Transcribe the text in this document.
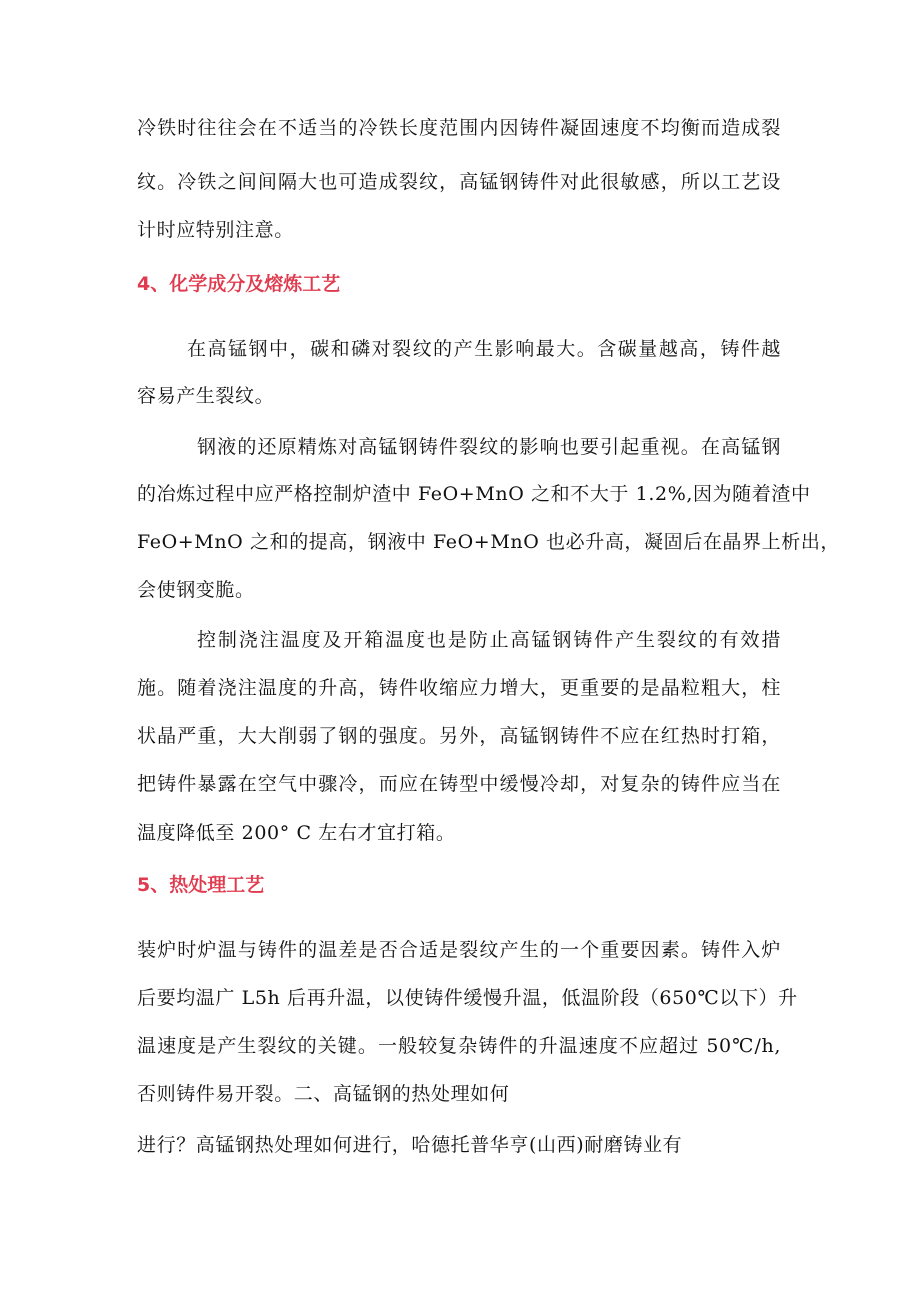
冷铁时往往会在不适当的冷铁长度范围内因铸件凝固速度不均衡而造成裂
纹。冷铁之间间隔大也可造成裂纹，高锰钢铸件对此很敏感，所以工艺设
计时应特别注意。
4、化学成分及熔炼工艺
在高锰钢中，碳和磷对裂纹的产生影响最大。含碳量越高，铸件越
容易产生裂纹。
钢液的还原精炼对高锰钢铸件裂纹的影响也要引起重视。在高锰钢
的冶炼过程中应严格控制炉渣中 FeO+MnO 之和不大于 1.2%,因为随着渣中
FeO+MnO 之和的提高，钢液中 FeO+MnO 也必升高，凝固后在晶界上析出，
会使钢变脆。
控制浇注温度及开箱温度也是防止高锰钢铸件产生裂纹的有效措
施。随着浇注温度的升高，铸件收缩应力增大，更重要的是晶粒粗大，柱
状晶严重，大大削弱了钢的强度。另外，高锰钢铸件不应在红热时打箱，
把铸件暴露在空气中骤冷，而应在铸型中缓慢冷却，对复杂的铸件应当在
温度降低至 200° C 左右才宜打箱。
5、热处理工艺
装炉时炉温与铸件的温差是否合适是裂纹产生的一个重要因素。铸件入炉
后要均温广 L5h 后再升温，以使铸件缓慢升温，低温阶段（650℃以下）升
温速度是产生裂纹的关键。一般较复杂铸件的升温速度不应超过 50℃/h,
否则铸件易开裂。二、高锰钢的热处理如何
进行？高锰钢热处理如何进行，哈德托普华亨(山西)耐磨铸业有
